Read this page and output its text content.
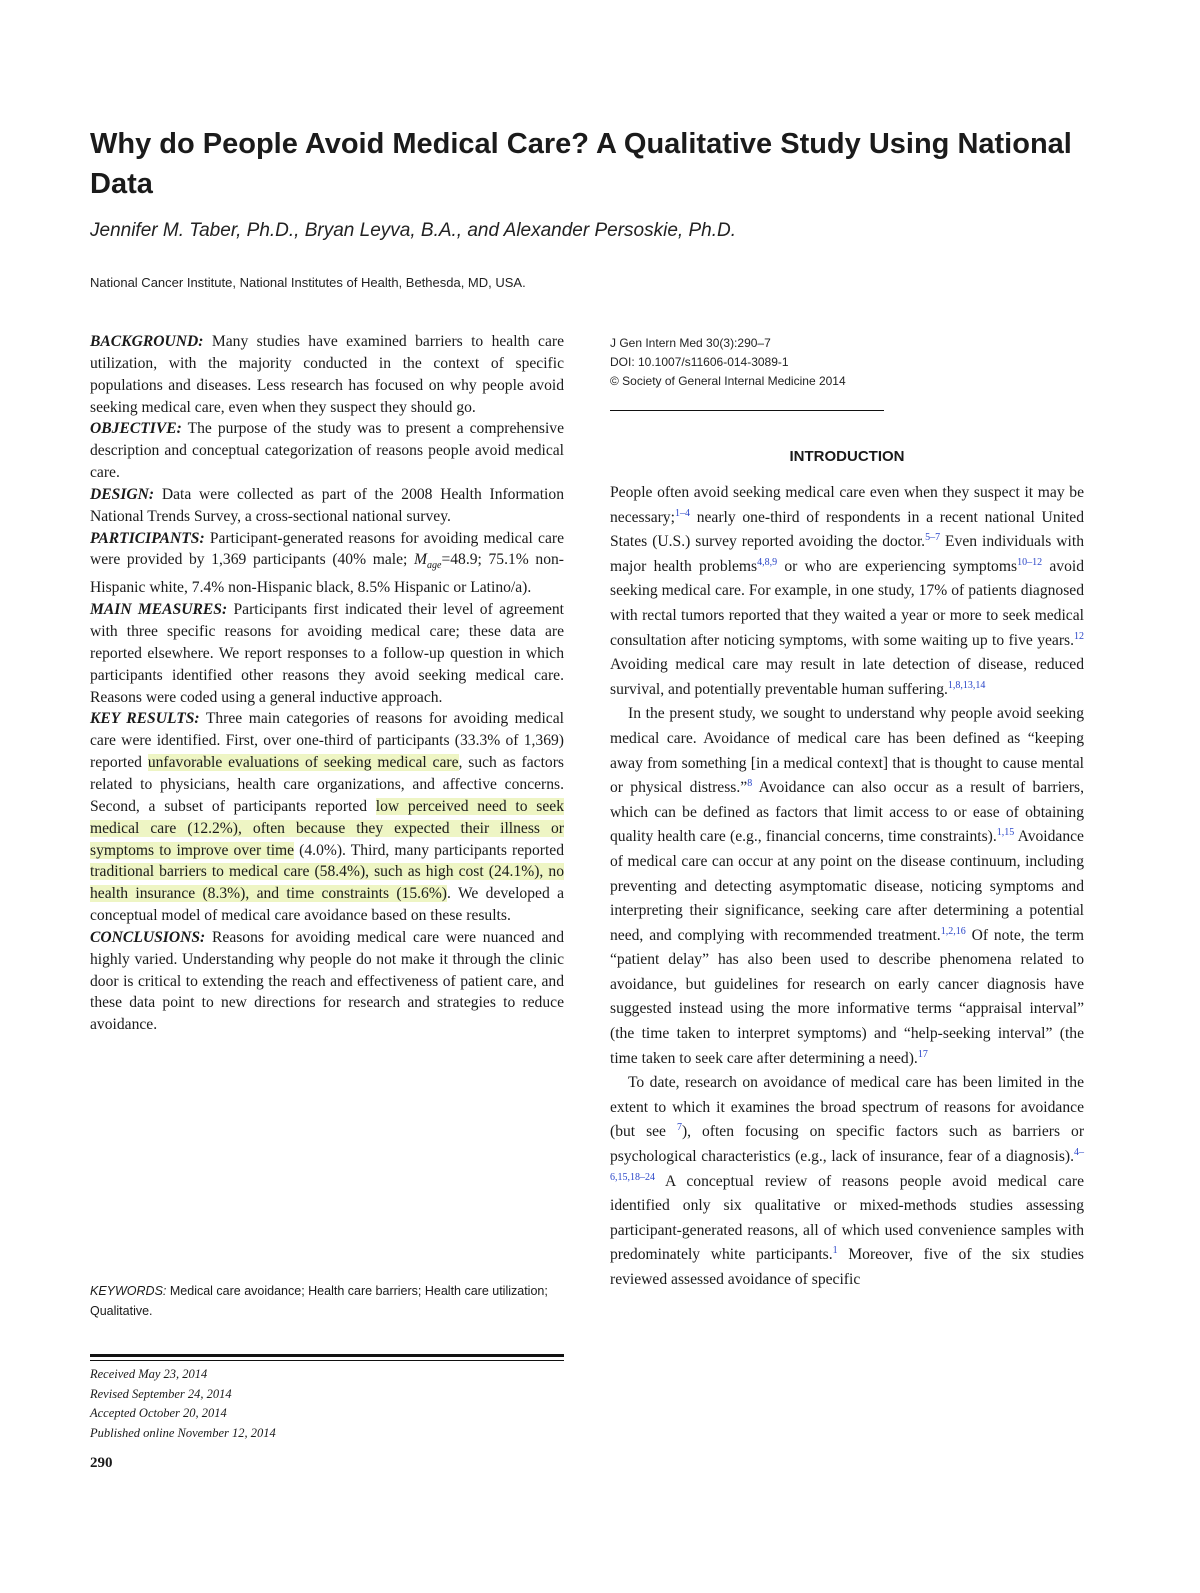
Why do People Avoid Medical Care? A Qualitative Study Using National Data
Jennifer M. Taber, Ph.D., Bryan Leyva, B.A., and Alexander Persoskie, Ph.D.
National Cancer Institute, National Institutes of Health, Bethesda, MD, USA.

BACKGROUND: Many studies have examined barriers to health care utilization, with the majority conducted in the context of specific populations and diseases. Less research has focused on why people avoid seeking medical care, even when they suspect they should go.

OBJECTIVE: The purpose of the study was to present a comprehensive description and conceptual categorization of reasons people avoid medical care.

DESIGN: Data were collected as part of the 2008 Health Information National Trends Survey, a cross-sectional national survey.

PARTICIPANTS: Participant-generated reasons for avoiding medical care were provided by 1,369 participants (40% male; $M_{age}=48.9$; 75.1% non-Hispanic white, 7.4% non-Hispanic black, 8.5% Hispanic or Latino/a).

MAIN MEASURES: Participants first indicated their level of agreement with three specific reasons for avoiding medical care; these data are reported elsewhere. We report responses to a follow-up question in which participants identified other reasons they avoid seeking medical care. Reasons were coded using a general inductive approach.

KEY RESULTS: Three main categories of reasons for avoiding medical care were identified. First, over one-third of participants (33.3% of 1,369) reported unfavorable evaluations of seeking medical care, such as factors related to physicians, health care organizations, and affective concerns. Second, a subset of participants reported low perceived need to seek medical care (12.2%), often because they expected their illness or symptoms to improve over time (4.0%). Third, many participants reported traditional barriers to medical care (58.4%), such as high cost (24.1%), no health insurance (8.3%), and time constraints (15.6%). We developed a conceptual model of medical care avoidance based on these results.

CONCLUSIONS: Reasons for avoiding medical care were nuanced and highly varied. Understanding why people do not make it through the clinic door is critical to extending the reach and effectiveness of patient care, and these data point to new directions for research and strategies to reduce avoidance.

KEYWORDS: Medical care avoidance; Health care barriers; Health care utilization; Qualitative.
Received May 23, 2014
Revised September 24, 2014
Accepted October 20, 2014
Published online November 12, 2014
290
J Gen Intern Med 30(3):290–7
DOI: 10.1007/s11606-014-3089-1
© Society of General Internal Medicine 2014
INTRODUCTION

People often avoid seeking medical care even when they suspect it may be necessary;$^{1-4}$ nearly one-third of respondents in a recent national United States (U.S.) survey reported avoiding the doctor.$^{5-7}$ Even individuals with major health problems$^{4,8,9}$ or who are experiencing symptoms$^{10-12}$ avoid seeking medical care. For example, in one study, 17% of patients diagnosed with rectal tumors reported that they waited a year or more to seek medical consultation after noticing symptoms, with some waiting up to five years.$^{12}$ Avoiding medical care may result in late detection of disease, reduced survival, and potentially preventable human suffering.$^{1,8,13,14}$

In the present study, we sought to understand why people avoid seeking medical care. Avoidance of medical care has been defined as “keeping away from something [in a medical context] that is thought to cause mental or physical distress.”$^8$ Avoidance can also occur as a result of barriers, which can be defined as factors that limit access to or ease of obtaining quality health care (e.g., financial concerns, time constraints).$^{1,15}$ Avoidance of medical care can occur at any point on the disease continuum, including preventing and detecting asymptomatic disease, noticing symptoms and interpreting their significance, seeking care after determining a potential need, and complying with recommended treatment.$^{1,2,16}$ Of note, the term “patient delay” has also been used to describe phenomena related to avoidance, but guidelines for research on early cancer diagnosis have suggested instead using the more informative terms “appraisal interval” (the time taken to interpret symptoms) and “help-seeking interval” (the time taken to seek care after determining a need).$^{17}$

To date, research on avoidance of medical care has been limited in the extent to which it examines the broad spectrum of reasons for avoidance (but see $^7$), often focusing on specific factors such as barriers or psychological characteristics (e.g., lack of insurance, fear of a diagnosis).$^{4-6,15,18-24}$ A conceptual review of reasons people avoid medical care identified only six qualitative or mixed-methods studies assessing participant-generated reasons, all of which used convenience samples with predominately white participants.$^1$ Moreover, five of the six studies reviewed assessed avoidance of specific
